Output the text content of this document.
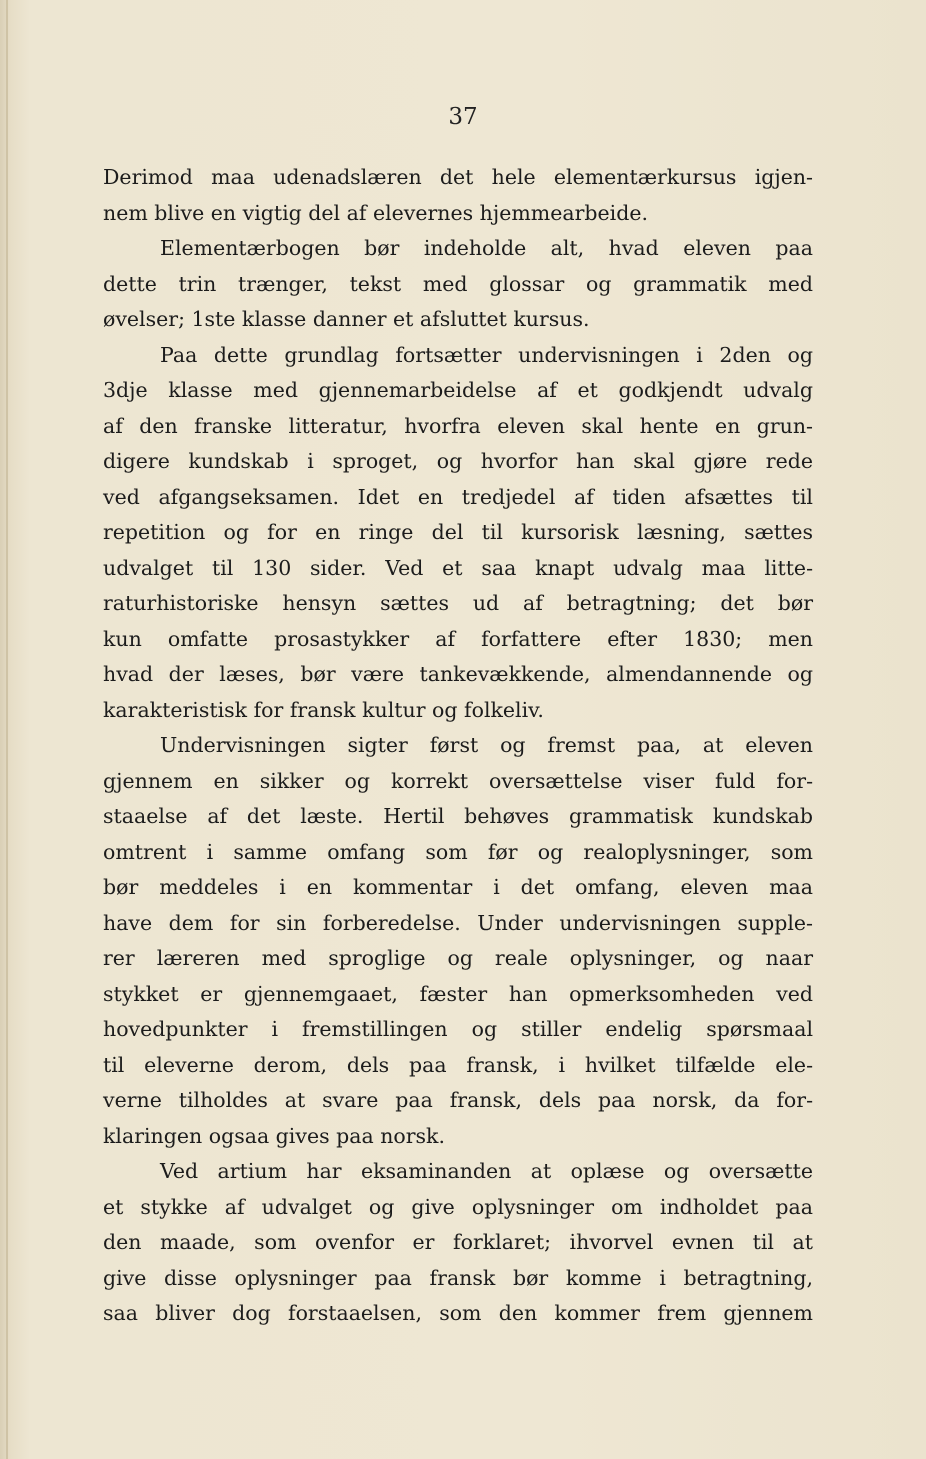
37
Derimod maa udenadslæren det hele elementærkursus igjen-
nem blive en vigtig del af elevernes hjemmearbeide.
Elementærbogen bør indeholde alt, hvad eleven paa
dette trin trænger, tekst med glossar og grammatik med
øvelser; 1ste klasse danner et afsluttet kursus.
Paa dette grundlag fortsætter undervisningen i 2den og
3dje klasse med gjennemarbeidelse af et godkjendt udvalg
af den franske litteratur, hvorfra eleven skal hente en grun-
digere kundskab i sproget, og hvorfor han skal gjøre rede
ved afgangseksamen. Idet en tredjedel af tiden afsættes til
repetition og for en ringe del til kursorisk læsning, sættes
udvalget til 130 sider. Ved et saa knapt udvalg maa litte-
raturhistoriske hensyn sættes ud af betragtning; det bør
kun omfatte prosastykker af forfattere efter 1830; men
hvad der læses, bør være tankevækkende, almendannende og
karakteristisk for fransk kultur og folkeliv.
Undervisningen sigter først og fremst paa, at eleven
gjennem en sikker og korrekt oversættelse viser fuld for-
staaelse af det læste. Hertil behøves grammatisk kundskab
omtrent i samme omfang som før og realoplysninger, som
bør meddeles i en kommentar i det omfang, eleven maa
have dem for sin forberedelse. Under undervisningen supple-
rer læreren med sproglige og reale oplysninger, og naar
stykket er gjennemgaaet, fæster han opmerksomheden ved
hovedpunkter i fremstillingen og stiller endelig spørsmaal
til eleverne derom, dels paa fransk, i hvilket tilfælde ele-
verne tilholdes at svare paa fransk, dels paa norsk, da for-
klaringen ogsaa gives paa norsk.
Ved artium har eksaminanden at oplæse og oversætte
et stykke af udvalget og give oplysninger om indholdet paa
den maade, som ovenfor er forklaret; ihvorvel evnen til at
give disse oplysninger paa fransk bør komme i betragtning,
saa bliver dog forstaaelsen, som den kommer frem gjennem
